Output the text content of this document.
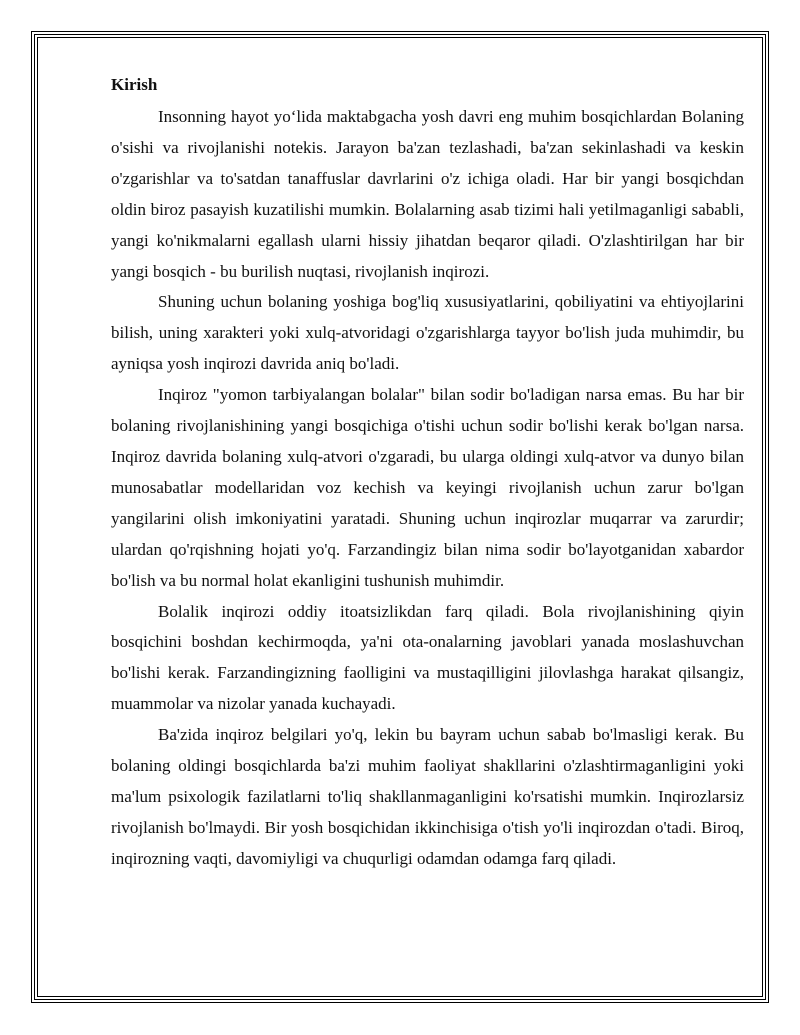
Kirish

Insonning hayot yo‘lida maktabgacha yosh davri eng muhim bosqichlardan Bolaning o'sishi va rivojlanishi notekis. Jarayon ba'zan tezlashadi, ba'zan sekinlashadi va keskin o'zgarishlar va to'satdan tanaffuslar davrlarini o'z ichiga oladi. Har bir yangi bosqichdan oldin biroz pasayish kuzatilishi mumkin. Bolalarning asab tizimi hali yetilmaganligi sababli, yangi ko'nikmalarni egallash ularni hissiy jihatdan beqaror qiladi. O'zlashtirilgan har bir yangi bosqich - bu burilish nuqtasi, rivojlanish inqirozi.

Shuning uchun bolaning yoshiga bog'liq xususiyatlarini, qobiliyatini va ehtiyojlarini bilish, uning xarakteri yoki xulq-atvoridagi o'zgarishlarga tayyor bo'lish juda muhimdir, bu ayniqsa yosh inqirozi davrida aniq bo'ladi.

Inqiroz "yomon tarbiyalangan bolalar" bilan sodir bo'ladigan narsa emas. Bu har bir bolaning rivojlanishining yangi bosqichiga o'tishi uchun sodir bo'lishi kerak bo'lgan narsa. Inqiroz davrida bolaning xulq-atvori o'zgaradi, bu ularga oldingi xulq-atvor va dunyo bilan munosabatlar modellaridan voz kechish va keyingi rivojlanish uchun zarur bo'lgan yangilarini olish imkoniyatini yaratadi. Shuning uchun inqirozlar muqarrar va zarurdir; ulardan qo'rqishning hojati yo'q. Farzandingiz bilan nima sodir bo'layotganidan xabardor bo'lish va bu normal holat ekanligini tushunish muhimdir.

Bolalik inqirozi oddiy itoatsizlikdan farq qiladi. Bola rivojlanishining qiyin bosqichini boshdan kechirmoqda, ya'ni ota-onalarning javoblari yanada moslashuvchan bo'lishi kerak. Farzandingizning faolligini va mustaqilligini jilovlashga harakat qilsangiz, muammolar va nizolar yanada kuchayadi.

Ba'zida inqiroz belgilari yo'q, lekin bu bayram uchun sabab bo'lmasligi kerak. Bu bolaning oldingi bosqichlarda ba'zi muhim faoliyat shakllarini o'zlashtirmaganligini yoki ma'lum psixologik fazilatlarni to'liq shakllanmaganligini ko'rsatishi mumkin. Inqirozlarsiz rivojlanish bo'lmaydi. Bir yosh bosqichidan ikkinchisiga o'tish yo'li inqirozdan o'tadi. Biroq, inqirozning vaqti, davomiyligi va chuqurligi odamdan odamga farq qiladi.
